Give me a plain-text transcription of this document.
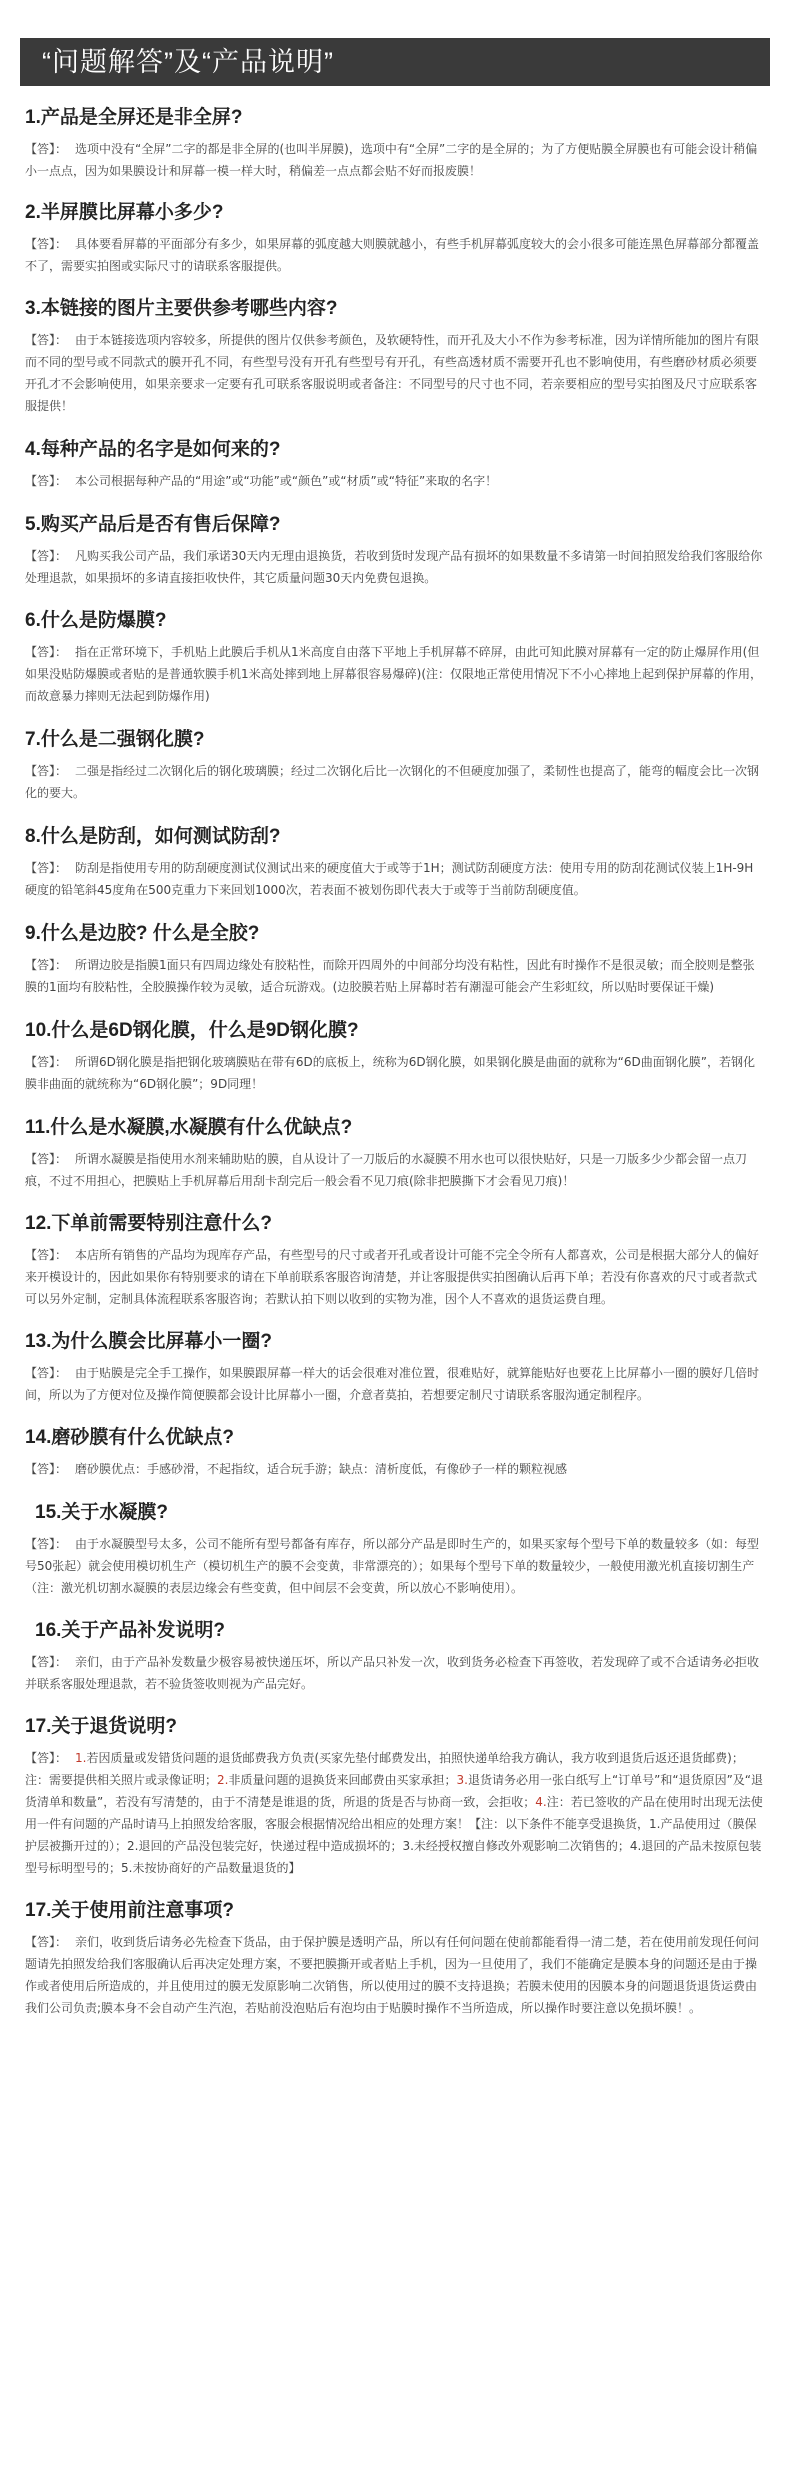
“问题解答”及“产品说明”
1.产品是全屏还是非全屏?
【答】： 选项中没有“全屏”二字的都是非全屏的(也叫半屏膜)，选项中有“全屏”二字的是全屏的；为了方便贴膜全屏膜也有可能会设计稍偏小一点点，因为如果膜设计和屏幕一模一样大时，稍偏差一点点都会贴不好而报废膜！
2.半屏膜比屏幕小多少?
【答】： 具体要看屏幕的平面部分有多少，如果屏幕的弧度越大则膜就越小，有些手机屏幕弧度较大的会小很多可能连黑色屏幕部分都覆盖不了，需要实拍图或实际尺寸的请联系客服提供。
3.本链接的图片主要供参考哪些内容?
【答】： 由于本链接选项内容较多，所提供的图片仅供参考颜色，及软硬特性，而开孔及大小不作为参考标准，因为详情所能加的图片有限而不同的型号或不同款式的膜开孔不同，有些型号没有开孔有些型号有开孔，有些高透材质不需要开孔也不影响使用，有些磨砂材质必须要开孔才不会影响使用，如果亲要求一定要有孔可联系客服说明或者备注：不同型号的尺寸也不同，若亲要相应的型号实拍图及尺寸应联系客服提供！
4.每种产品的名字是如何来的?
【答】： 本公司根据每种产品的“用途”或“功能”或“颜色”或“材质”或“特征”来取的名字！
5.购买产品后是否有售后保障?
【答】： 凡购买我公司产品，我们承诺30天内无理由退换货，若收到货时发现产品有损坏的如果数量不多请第一时间拍照发给我们客服给你处理退款，如果损坏的多请直接拒收快件，其它质量问题30天内免费包退换。
6.什么是防爆膜?
【答】： 指在正常环境下，手机贴上此膜后手机从1米高度自由落下平地上手机屏幕不碎屏，由此可知此膜对屏幕有一定的防止爆屏作用(但如果没贴防爆膜或者贴的是普通软膜手机1米高处摔到地上屏幕很容易爆碎)(注：仅限地正常使用情况下不小心摔地上起到保护屏幕的作用，而故意暴力摔则无法起到防爆作用)
7.什么是二强钢化膜?
【答】： 二强是指经过二次钢化后的钢化玻璃膜；经过二次钢化后比一次钢化的不但硬度加强了，柔韧性也提高了，能弯的幅度会比一次钢化的要大。
8.什么是防刮，如何测试防刮?
【答】： 防刮是指使用专用的防刮硬度测试仪测试出来的硬度值大于或等于1H；测试防刮硬度方法：使用专用的防刮花测试仪装上1H-9H硬度的铅笔斜45度角在500克重力下来回划1000次，若表面不被划伤即代表大于或等于当前防刮硬度值。
9.什么是边胶? 什么是全胶?
【答】： 所谓边胶是指膜1面只有四周边缘处有胶粘性，而除开四周外的中间部分均没有粘性，因此有时操作不是很灵敏；而全胶则是整张膜的1面均有胶粘性，全胶膜操作较为灵敏，适合玩游戏。(边胶膜若贴上屏幕时若有潮湿可能会产生彩虹纹，所以贴时要保证干燥)
10.什么是6D钢化膜，什么是9D钢化膜?
【答】： 所谓6D钢化膜是指把钢化玻璃膜贴在带有6D的底板上，统称为6D钢化膜，如果钢化膜是曲面的就称为“6D曲面钢化膜”，若钢化膜非曲面的就统称为“6D钢化膜”；9D同理！
11.什么是水凝膜,水凝膜有什么优缺点?
【答】： 所谓水凝膜是指使用水剂来辅助贴的膜，自从设计了一刀版后的水凝膜不用水也可以很快贴好，只是一刀版多少少都会留一点刀痕，不过不用担心，把膜贴上手机屏幕后用刮卡刮完后一般会看不见刀痕(除非把膜撕下才会看见刀痕)！
12.下单前需要特别注意什么?
【答】： 本店所有销售的产品均为现库存产品，有些型号的尺寸或者开孔或者设计可能不完全令所有人都喜欢，公司是根据大部分人的偏好来开模设计的，因此如果你有特别要求的请在下单前联系客服咨询清楚，并让客服提供实拍图确认后再下单；若没有你喜欢的尺寸或者款式可以另外定制，定制具体流程联系客服咨询；若默认拍下则以收到的实物为准，因个人不喜欢的退货运费自理。
13.为什么膜会比屏幕小一圈?
【答】： 由于贴膜是完全手工操作，如果膜跟屏幕一样大的话会很难对准位置，很难贴好，就算能贴好也要花上比屏幕小一圈的膜好几倍时间，所以为了方便对位及操作简便膜都会设计比屏幕小一圈，介意者莫拍，若想要定制尺寸请联系客服沟通定制程序。
14.磨砂膜有什么优缺点?
【答】： 磨砂膜优点：手感砂滑，不起指纹，适合玩手游；缺点：清析度低，有像砂子一样的颗粒视感
15.关于水凝膜?
【答】： 由于水凝膜型号太多，公司不能所有型号都备有库存，所以部分产品是即时生产的，如果买家每个型号下单的数量较多（如：每型号50张起）就会使用模切机生产（模切机生产的膜不会变黄，非常漂亮的）；如果每个型号下单的数量较少，一般使用激光机直接切割生产（注：激光机切割水凝膜的表层边缘会有些变黄，但中间层不会变黄，所以放心不影响使用）。
16.关于产品补发说明?
【答】： 亲们，由于产品补发数量少极容易被快递压坏，所以产品只补发一次，收到货务必检查下再签收，若发现碎了或不合适请务必拒收并联系客服处理退款，若不验货签收则视为产品完好。
17.关于退货说明?
【答】： 1.若因质量或发错货问题的退货邮费我方负责(买家先垫付邮费发出，拍照快递单给我方确认，我方收到退货后返还退货邮费)；注：需要提供相关照片或录像证明；2.非质量问题的退换货来回邮费由买家承担；3.退货请务必用一张白纸写上“订单号”和“退货原因”及“退货清单和数量”，若没有写清楚的，由于不清楚是谁退的货，所退的货是否与协商一致，会拒收；4.注：若已签收的产品在使用时出现无法使用一件有问题的产品时请马上拍照发给客服，客服会根据情况给出相应的处理方案！【注：以下条件不能享受退换货，1.产品使用过（膜保护层被撕开过的）；2.退回的产品没包装完好，快递过程中造成损坏的；3.未经授权擅自修改外观影响二次销售的；4.退回的产品未按原包装型号标明型号的；5.未按协商好的产品数量退货的】
17.关于使用前注意事项?
【答】： 亲们，收到货后请务必先检查下货品，由于保护膜是透明产品，所以有任何问题在使前都能看得一清二楚，若在使用前发现任何问题请先拍照发给我们客服确认后再决定处理方案，不要把膜撕开或者贴上手机，因为一旦使用了，我们不能确定是膜本身的问题还是由于操作或者使用后所造成的，并且使用过的膜无发原影响二次销售，所以使用过的膜不支持退换；若膜未使用的因膜本身的问题退货退货运费由我们公司负责;膜本身不会自动产生汽泡，若贴前没泡贴后有泡均由于贴膜时操作不当所造成，所以操作时要注意以免损坏膜！。
